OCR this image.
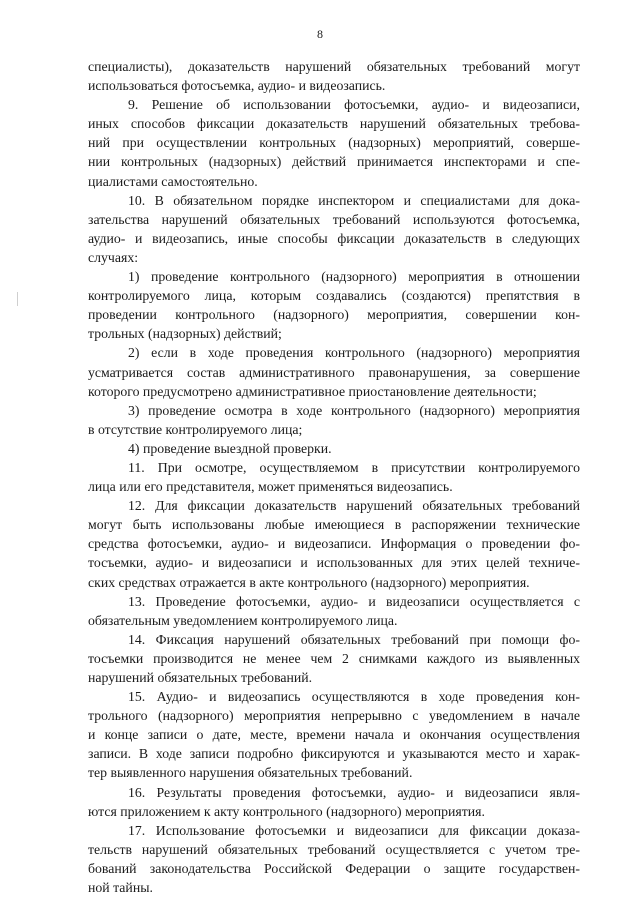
8
специалисты), доказательств нарушений обязательных требований могут
использоваться фотосъемка, аудио- и видеозапись.
9. Решение об использовании фотосъемки, аудио- и видеозаписи,
иных способов фиксации доказательств нарушений обязательных требова-
ний при осуществлении контрольных (надзорных) мероприятий, соверше-
нии контрольных (надзорных) действий принимается инспекторами и спе-
циалистами самостоятельно.
10. В обязательном порядке инспектором и специалистами для дока-
зательства нарушений обязательных требований используются фотосъемка,
аудио- и видеозапись, иные способы фиксации доказательств в следующих
случаях:
1) проведение контрольного (надзорного) мероприятия в отношении
контролируемого лица, которым создавались (создаются) препятствия в
проведении контрольного (надзорного) мероприятия, совершении кон-
трольных (надзорных) действий;
2) если в ходе проведения контрольного (надзорного) мероприятия
усматривается состав административного правонарушения, за совершение
которого предусмотрено административное приостановление деятельности;
3) проведение осмотра в ходе контрольного (надзорного) мероприятия
в отсутствие контролируемого лица;
4) проведение выездной проверки.
11. При осмотре, осуществляемом в присутствии контролируемого
лица или его представителя, может применяться видеозапись.
12. Для фиксации доказательств нарушений обязательных требований
могут быть использованы любые имеющиеся в распоряжении технические
средства фотосъемки, аудио- и видеозаписи. Информация о проведении фо-
тосъемки, аудио- и видеозаписи и использованных для этих целей техниче-
ских средствах отражается в акте контрольного (надзорного) мероприятия.
13. Проведение фотосъемки, аудио- и видеозаписи осуществляется с
обязательным уведомлением контролируемого лица.
14. Фиксация нарушений обязательных требований при помощи фо-
тосъемки производится не менее чем 2 снимками каждого из выявленных
нарушений обязательных требований.
15. Аудио- и видеозапись осуществляются в ходе проведения кон-
трольного (надзорного) мероприятия непрерывно с уведомлением в начале
и конце записи о дате, месте, времени начала и окончания осуществления
записи. В ходе записи подробно фиксируются и указываются место и харак-
тер выявленного нарушения обязательных требований.
16. Результаты проведения фотосъемки, аудио- и видеозаписи явля-
ются приложением к акту контрольного (надзорного) мероприятия.
17. Использование фотосъемки и видеозаписи для фиксации доказа-
тельств нарушений обязательных требований осуществляется с учетом тре-
бований законодательства Российской Федерации о защите государствен-
ной тайны.
